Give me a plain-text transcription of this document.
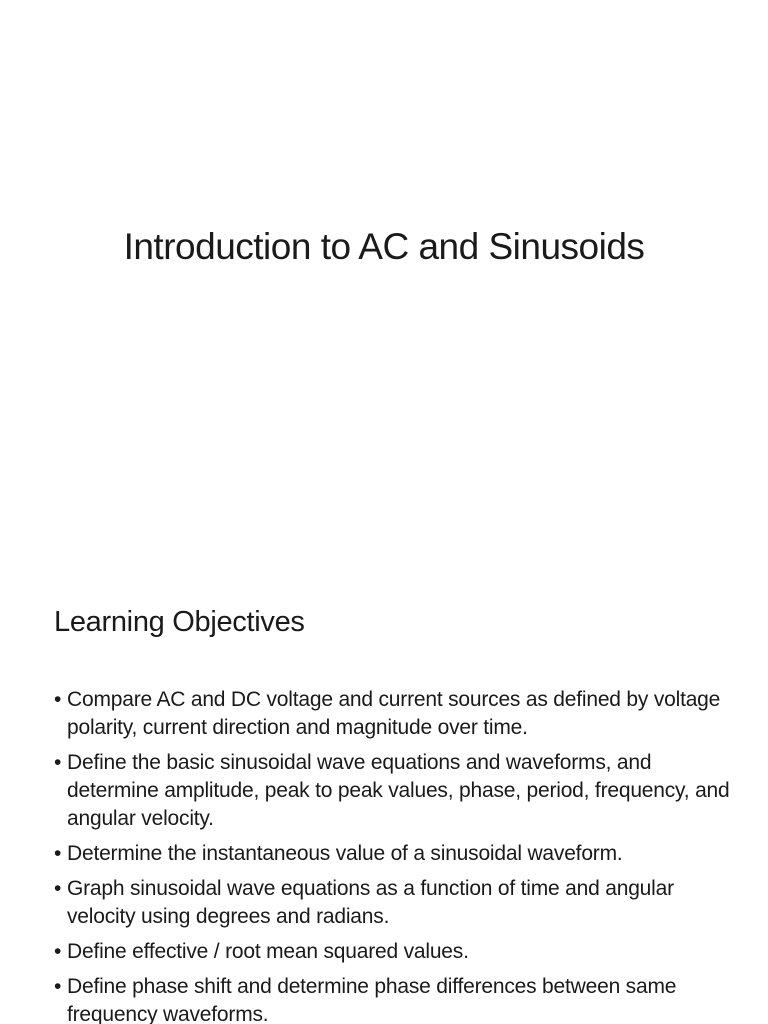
Introduction to AC and Sinusoids
Learning Objectives
• Compare AC and DC voltage and current sources as defined by voltage polarity, current direction and magnitude over time.
• Define the basic sinusoidal wave equations and waveforms, and determine amplitude, peak to peak values, phase, period, frequency, and angular velocity.
• Determine the instantaneous value of a sinusoidal waveform.
• Graph sinusoidal wave equations as a function of time and angular velocity using degrees and radians.
• Define effective / root mean squared values.
• Define phase shift and determine phase differences between same frequency waveforms.
